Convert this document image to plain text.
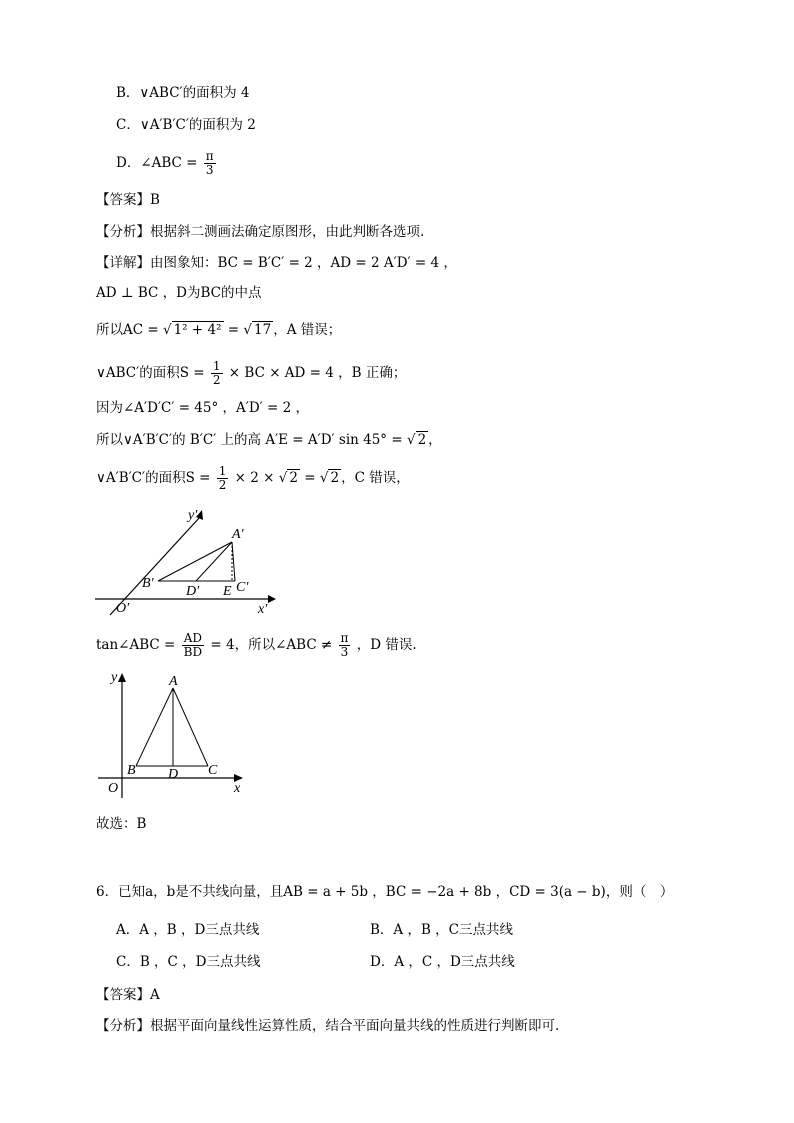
B．∨ABC′的面积为 4
C．∨A′B′C′的面积为 2
D．∠ABC = $\frac{\pi}{3}$
【答案】B
【分析】根据斜二测画法确定原图形，由此判断各选项.
【详解】由图象知：BC = B′C′ = 2 ，AD = 2 A′D′ = 4 ，
AD ⊥ BC ，D为BC的中点
所以AC = √ 1² + 4² = √ 17 ，A 错误；
∨ABC′的面积$S = \frac{1}{2}$ × BC × AD = 4 ，B 正确；
因为∠A′D′C′ = 45° ，A′D′ = 2 ，
所以∨A′B′C′的 B′C′ 上的高 A′E = A′D′ sin 45° = √ 2 ，
∨A′B′C′的面积$S = \frac{1}{2} \times 2$ × √ 2 = √ 2 ，C 错误，
y′
x′
A′
B′	C′
D′ E
O′
tan∠ABC = $\frac{AD}{BD} = 4$，所以∠ABC ≠ $\frac{\pi}{3}$ ，D 错误.
y
x
A
B	C
D
O
故选：B
6．已知a，b是不共线向量，且AB = a + 5b ，BC = −2a + 8b ，CD = 3(a − b)，则（　）
A．A ，B ，D三点共线	B．A ，B ，C三点共线
C．B ，C ，D三点共线	D．A ，C ，D三点共线
【答案】A
【分析】根据平面向量线性运算性质，结合平面向量共线的性质进行判断即可.
